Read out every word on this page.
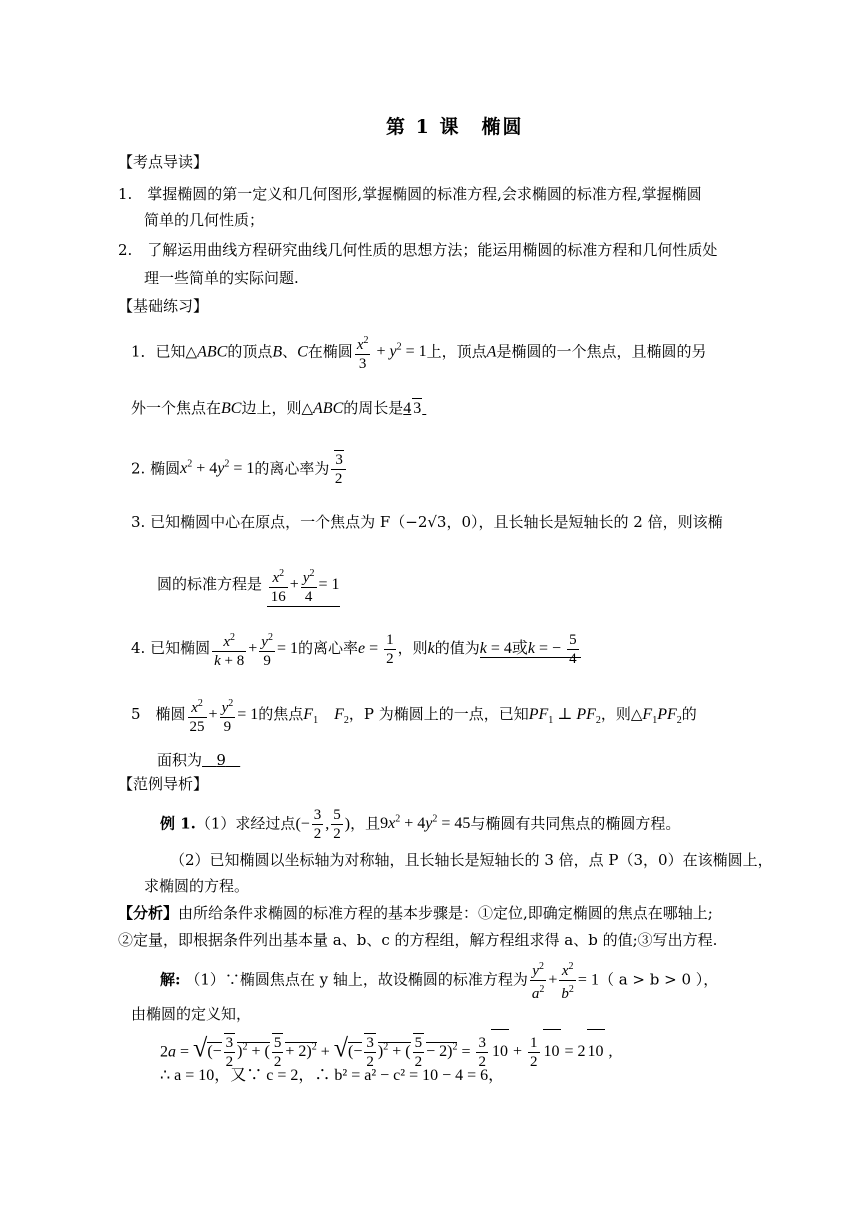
第 1 课　椭圆
【考点导读】
1.　掌握椭圆的第一定义和几何图形,掌握椭圆的标准方程,会求椭圆的标准方程,掌握椭圆
简单的几何性质；
2.　了解运用曲线方程研究曲线几何性质的思想方法；能运用椭圆的标准方程和几何性质处
理一些简单的实际问题.
【基础练习】
1．已知△ABC的顶点B、C在椭圆 $\frac{x^2}{3} + y^2 = 1$上，顶点A是椭圆的一个焦点，且椭圆的另
外一个焦点在BC边上，则△ABC的周长是4 3
2. 椭圆$x^2 + 4y^2 = 1$的离心率为 $\frac{3}{2}$
3. 已知椭圆中心在原点，一个焦点为 F（−2√3，0），且长轴长是短轴长的 2 倍，则该椭
圆的标准方程是 $\frac{x^2}{16} + \frac{y^2}{4} = 1$
4. 已知椭圆 $\frac{x^2}{k + 8} + \frac{y^2}{9} = 1$的离心率$e = \frac{1}{2}$ ，则k的值为k = 4或k = − $\frac{5}{4}$
5　椭圆 $\frac{x^2}{25} + \frac{y^2}{9} = 1$的焦点$F_1$ $F_2$，P 为椭圆上的一点，已知$PF_1$ ⊥ $PF_2$，则$\triangle F_1PF_2$的
面积为 9
【范例导析】
例 1.（1）求经过点(− $\frac{3}{2}$ , $\frac{5}{2}$ )，且$9x^2 + 4y^2 = 45$与椭圆有共同焦点的椭圆方程。
（2）已知椭圆以坐标轴为对称轴，且长轴长是短轴长的 3 倍，点 P（3，0）在该椭圆上，
求椭圆的方程。
【分析】由所给条件求椭圆的标准方程的基本步骤是：①定位,即确定椭圆的焦点在哪轴上;
②定量，即根据条件列出基本量 a、b、c 的方程组，解方程组求得 a、b 的值;③写出方程.
解: （1）∵椭圆焦点在 y 轴上，故设椭圆的标准方程为 $\frac{y^2}{a^2} + \frac{x^2}{b^2} = 1$（ a > b > 0 ），
由椭圆的定义知，
2a = √(− $\frac{3}{2} )^2$ + ( $\frac{5}{2} + 2)^2$ + √(− $\frac{3}{2} )^2$ + ( $\frac{5}{2} - 2)^2 = \frac{3}{2} 10 + \frac{1}{2} 10 = 2$ 10 ,
∴ a = 10，又∵ c = 2，∴ b² = a² − c² = 10 − 4 = 6，
